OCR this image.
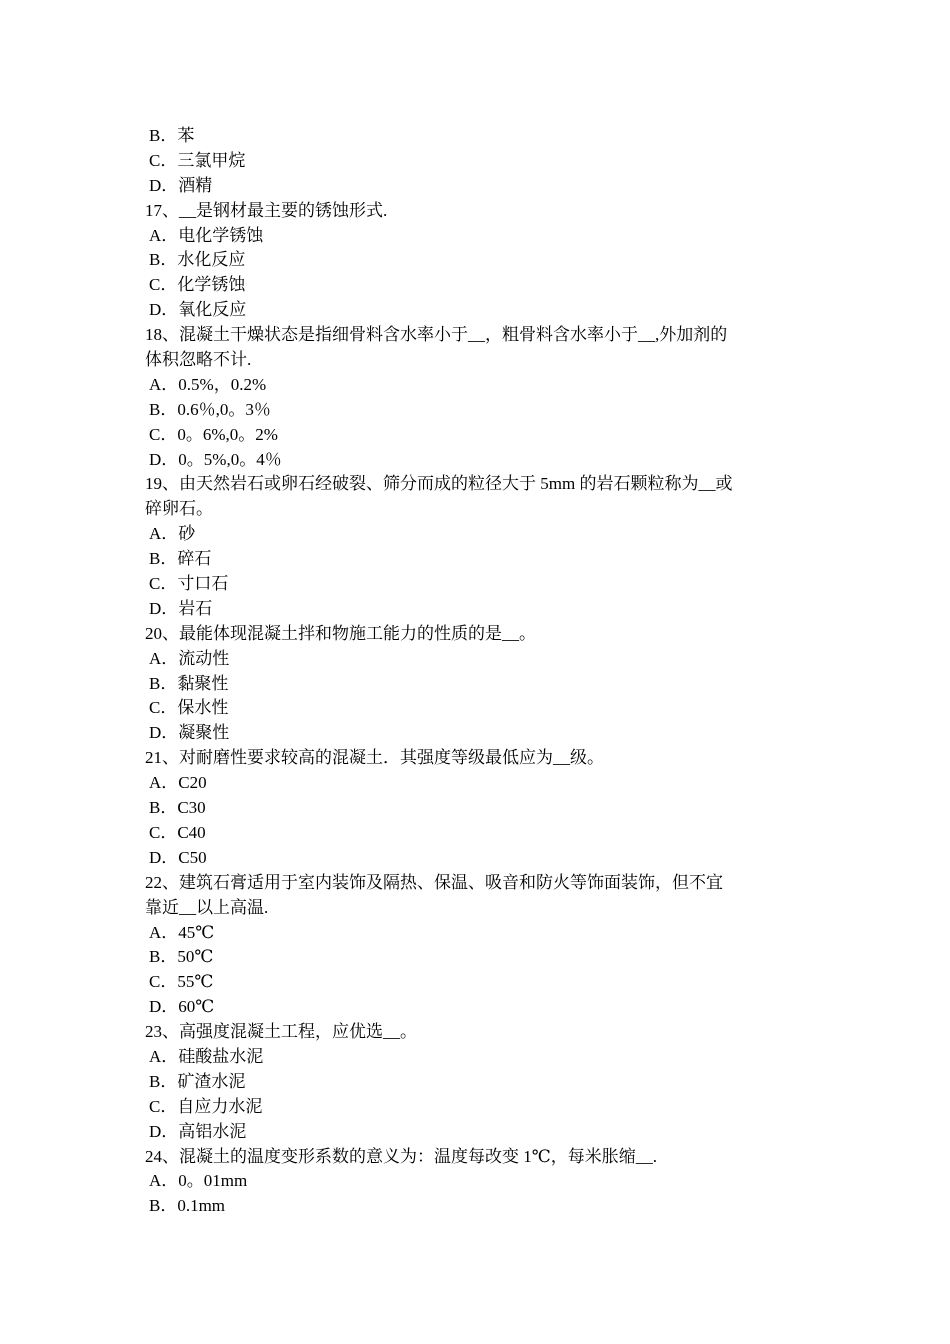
B．苯
C．三氯甲烷
D．酒精
17、__是钢材最主要的锈蚀形式.
A．电化学锈蚀
B．水化反应
C．化学锈蚀
D．氧化反应
18、混凝土干燥状态是指细骨料含水率小于__，粗骨料含水率小于__,外加剂的
体积忽略不计.
A．0.5%，0.2%
B．0.6％,0。3％
C．0。6%,0。2%
D．0。5%,0。4％
19、由天然岩石或卵石经破裂、筛分而成的粒径大于 5mm 的岩石颗粒称为__或
碎卵石。
A．砂
B．碎石
C．寸口石
D．岩石
20、最能体现混凝土拌和物施工能力的性质的是__。
A．流动性
B．黏聚性
C．保水性
D．凝聚性
21、对耐磨性要求较高的混凝土．其强度等级最低应为__级。
A．C20
B．C30
C．C40
D．C50
22、建筑石膏适用于室内装饰及隔热、保温、吸音和防火等饰面装饰，但不宜
靠近__以上高温.
A．45℃
B．50℃
C．55℃
D．60℃
23、高强度混凝土工程，应优选__。
A．硅酸盐水泥
B．矿渣水泥
C．自应力水泥
D．高铝水泥
24、混凝土的温度变形系数的意义为：温度每改变 1℃，每米胀缩__.
A．0。01mm
B．0.1mm
